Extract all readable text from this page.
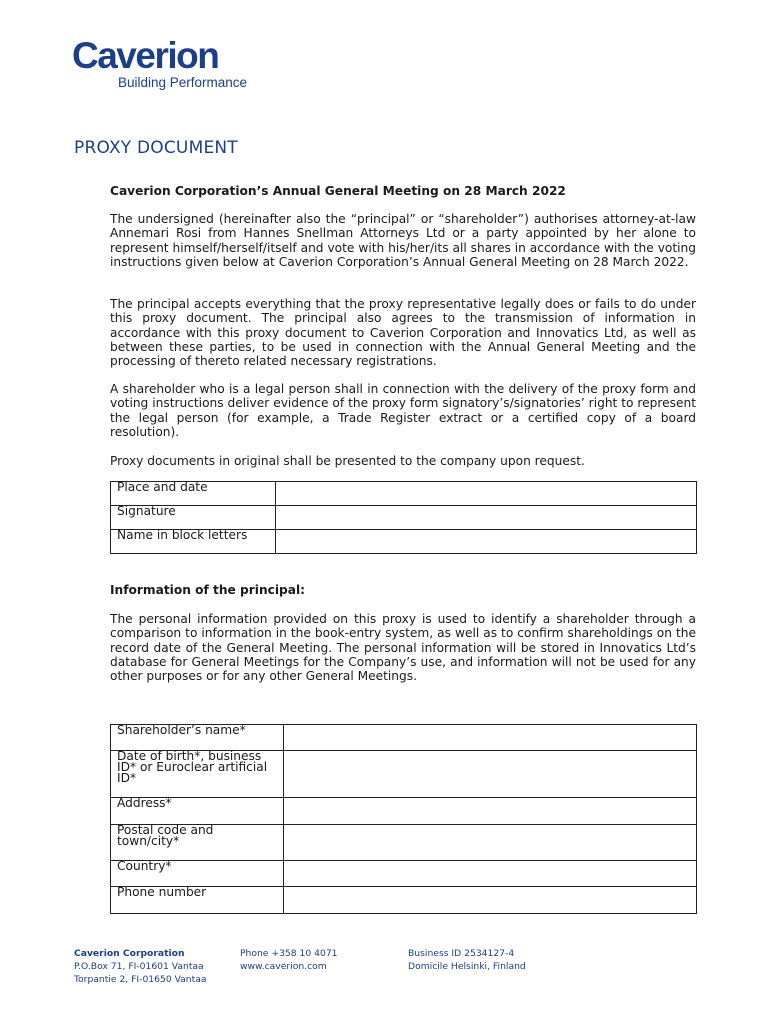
Caverion
Building Performance
PROXY DOCUMENT
Caverion Corporation’s Annual General Meeting on 28 March 2022

The undersigned (hereinafter also the “principal” or “shareholder”) authorises attorney-at-law Annemari Rosi from Hannes Snellman Attorneys Ltd or a party appointed by her alone to represent himself/herself/itself and vote with his/her/its all shares in accordance with the voting instructions given below at Caverion Corporation’s Annual General Meeting on 28 March 2022.

The principal accepts everything that the proxy representative legally does or fails to do under this proxy document. The principal also agrees to the transmission of information in accordance with this proxy document to Caverion Corporation and Innovatics Ltd, as well as between these parties, to be used in connection with the Annual General Meeting and the processing of thereto related necessary registrations.

A shareholder who is a legal person shall in connection with the delivery of the proxy form and voting instructions deliver evidence of the proxy form signatory’s/signatories’ right to represent the legal person (for example, a Trade Register extract or a certified copy of a board resolution).

Proxy documents in original shall be presented to the company upon request.

Place and date	
Signature	
Name in block letters	
Information of the principal:

The personal information provided on this proxy is used to identify a shareholder through a comparison to information in the book-entry system, as well as to confirm shareholdings on the record date of the General Meeting. The personal information will be stored in Innovatics Ltd’s database for General Meetings for the Company’s use, and information will not be used for any other purposes or for any other General Meetings.

Shareholder’s name*	
Date of birth*, business ID* or Euroclear artificial ID*	
Address*	
Postal code and town/city*	
Country*	
Phone number	
Caverion Corporation
P.O.Box 71, FI-01601 Vantaa
Torpantie 2, FI-01650 Vantaa
Phone +358 10 4071
www.caverion.com
Business ID 2534127-4
Domicile Helsinki, Finland
